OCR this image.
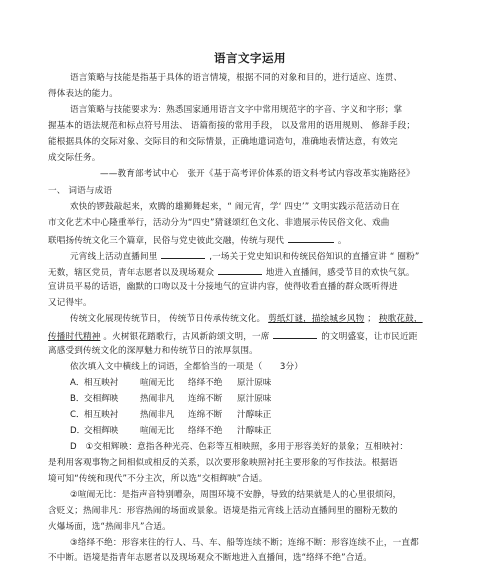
语言文字运用
语言策略与技能是指基于具体的语言情境，根据不同的对象和目的，进行适应、连贯、
得体表达的能力。
语言策略与技能要求为：熟悉国家通用语言文字中常用规范字的字音、字义和字形；掌
握基本的语法规范和标点符号用法、 语篇衔接的常用手段， 以及常用的语用规则、 修辞手段；
能根据具体的交际对象、交际目的和交际情景，正确地遣词造句，准确地表情达意，有效完
成交际任务。
——教育部考试中心　张开《基于高考评价体系的语文科考试内容改革实施路径》
一、 词语与成语
欢快的锣鼓敲起来，欢腾的雄狮舞起来，“ 闹元宵，学‘ 四史’” 文明实践示范活动日在
市文化艺术中心隆重举行，活动分为“四史”猜谜颂红色文化、非遗展示传民俗文化、戏曲
联唱扬传统文化三个篇章，民俗与党史彼此交融，传统与现代	。
元宵线上活动直播间里	,一场关于党史知识和传统民俗知识的直播宣讲 “ 圈粉”
无数，辖区党员，青年志愿者以及现场观众	地进入直播间，感受节目的欢快气氛。
宣讲员平易的话语，幽默的口吻以及十分接地气的宣讲内容，使得收看直播的群众既听得进
又记得牢。
传统文化展现传统节日， 传统节日传承传统文化。 剪纸灯谜，描绘城乡风物 ； 秧歌花鼓，
传播时代精神 。火树银花踏歌行，古风新韵颂文明，一席	的文明盛宴，让市民近距
离感受到传统文化的深厚魅力和传统节日的浓厚氛围。
依次填入文中横线上的词语，全都恰当的一项是（　　3分）
A． 相互映衬	喧闹无比 络绎不绝 原汁原味
B． 交相辉映	热闹非凡 连绵不断 原汁原味
C． 相互映衬	热闹非凡 连绵不断 汁醇味正
D．
交相辉映	喧闹无比 络绎不绝 汁醇味正
D　①交相辉映：意指各种光亮、色彩等互相映照，多用于形容美好的景象；互相映衬：
是利用客观事物之间相似或相反的关系，以次要形象映照衬托主要形象的写作技法。根据语
境可知“传统和现代”不分主次，所以选“交相辉映”合适。
②喧闹无比：是指声音特别嘈杂，周围环境不安静，导致的结果就是人的心里很烦闷，
含贬义；热闹非凡：形容热闹的场面或景象。语境是指元宵线上活动直播间里的圈粉无数的
火爆场面，选“热闹非凡”合适。
③络绎不绝：形容来往的行人、马、车、船等连续不断；连绵不断：形容连续不止，一直都
不中断。语境是指青年志愿者以及现场观众不断地进入直播间，选“络绎不绝”合适。
